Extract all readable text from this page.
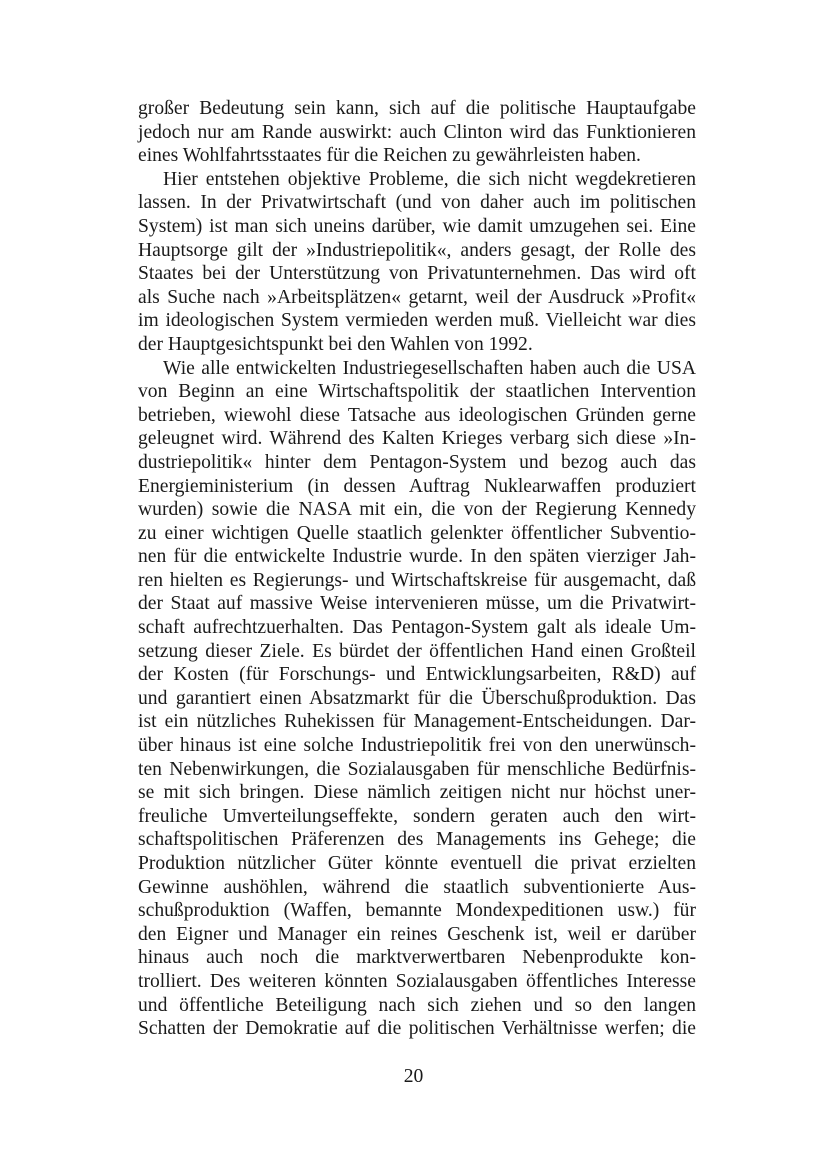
großer Bedeutung sein kann, sich auf die politische Hauptaufgabe
jedoch nur am Rande auswirkt: auch Clinton wird das Funktionieren
eines Wohlfahrtsstaates für die Reichen zu gewährleisten haben.
Hier entstehen objektive Probleme, die sich nicht wegdekretieren
lassen. In der Privatwirtschaft (und von daher auch im politischen
System) ist man sich uneins darüber, wie damit umzugehen sei. Eine
Hauptsorge gilt der »Industriepolitik«, anders gesagt, der Rolle des
Staates bei der Unterstützung von Privatunternehmen. Das wird oft
als Suche nach »Arbeitsplätzen« getarnt, weil der Ausdruck »Profit«
im ideologischen System vermieden werden muß. Vielleicht war dies
der Hauptgesichtspunkt bei den Wahlen von 1992.
Wie alle entwickelten Industriegesellschaften haben auch die USA
von Beginn an eine Wirtschaftspolitik der staatlichen Intervention
betrieben, wiewohl diese Tatsache aus ideologischen Gründen gerne
geleugnet wird. Während des Kalten Krieges verbarg sich diese »In-
dustriepolitik« hinter dem Pentagon-System und bezog auch das
Energieministerium (in dessen Auftrag Nuklearwaffen produziert
wurden) sowie die NASA mit ein, die von der Regierung Kennedy
zu einer wichtigen Quelle staatlich gelenkter öffentlicher Subventio-
nen für die entwickelte Industrie wurde. In den späten vierziger Jah-
ren hielten es Regierungs- und Wirtschaftskreise für ausgemacht, daß
der Staat auf massive Weise intervenieren müsse, um die Privatwirt-
schaft aufrechtzuerhalten. Das Pentagon-System galt als ideale Um-
setzung dieser Ziele. Es bürdet der öffentlichen Hand einen Großteil
der Kosten (für Forschungs- und Entwicklungsarbeiten, R&D) auf
und garantiert einen Absatzmarkt für die Überschußproduktion. Das
ist ein nützliches Ruhekissen für Management-Entscheidungen. Dar-
über hinaus ist eine solche Industriepolitik frei von den unerwünsch-
ten Nebenwirkungen, die Sozialausgaben für menschliche Bedürfnis-
se mit sich bringen. Diese nämlich zeitigen nicht nur höchst uner-
freuliche Umverteilungseffekte, sondern geraten auch den wirt-
schaftspolitischen Präferenzen des Managements ins Gehege; die
Produktion nützlicher Güter könnte eventuell die privat erzielten
Gewinne aushöhlen, während die staatlich subventionierte Aus-
schußproduktion (Waffen, bemannte Mondexpeditionen usw.) für
den Eigner und Manager ein reines Geschenk ist, weil er darüber
hinaus auch noch die marktverwertbaren Nebenprodukte kon-
trolliert. Des weiteren könnten Sozialausgaben öffentliches Interesse
und öffentliche Beteiligung nach sich ziehen und so den langen
Schatten der Demokratie auf die politischen Verhältnisse werfen; die
20
